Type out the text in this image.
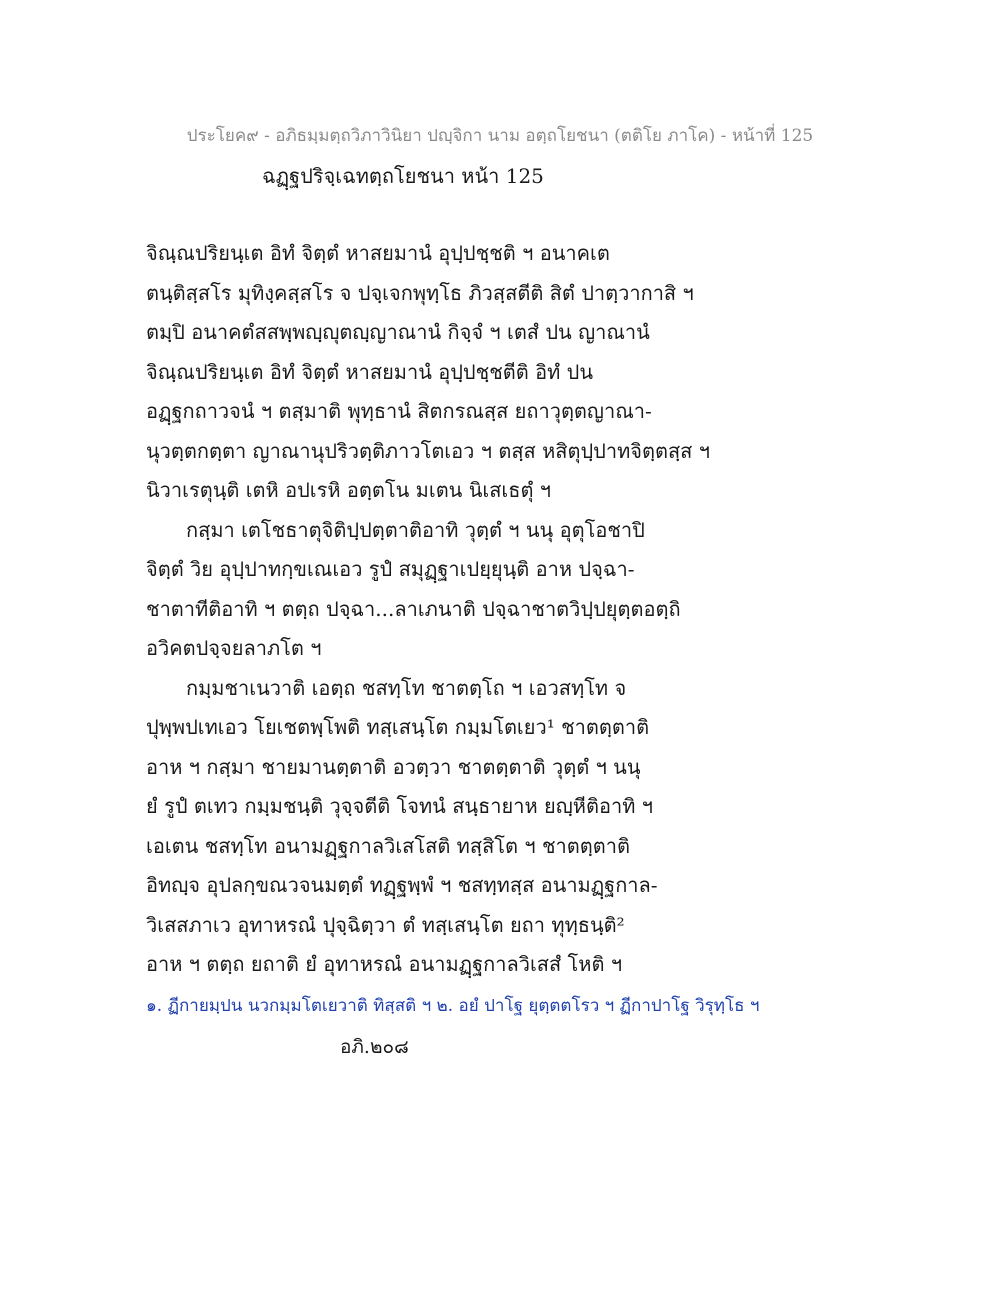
ประโยค๙ - อภิธมฺมตฺถวิภาวินิยา ปญฺจิกา นาม อตฺถโยชนา (ตติโย ภาโค) - หน้าที่ 125
ฉฏฺฐปริจฺเฉทตฺถโยชนา หน้า 125
จิณฺณปริยนฺเต อิทํ จิตฺตํ หาสยมานํ อุปฺปชฺชติ ฯ อนาคเต
ตนฺติสฺสโร มุทิงฺคสฺสโร จ ปจฺเจกพุทฺโธ ภิวสฺสตีติ สิตํ ปาตฺวากาสิ ฯ
ตมฺปิ อนาคตํสสพฺพญฺญุตญฺญาณานํ กิจฺจํ ฯ เตสํ ปน ญาณานํ
จิณฺณปริยนฺเต อิทํ จิตฺตํ หาสยมานํ อุปฺปชฺชตีติ อิทํ ปน
อฏฺฐกถาวจนํ ฯ ตสฺมาติ พุทฺธานํ สิตกรณสฺส ยถาวุตฺตญาณา-
นุวตฺตกตฺตา ญาณานุปริวตฺติภาวโตเอว ฯ ตสฺส หสิตุปฺปาทจิตฺตสฺส ฯ
นิวาเรตุนฺติ เตหิ อปเรหิ อตฺตโน มเตน นิเสเธตุํ ฯ
กสฺมา เตโชธาตุจิติปฺปตฺตาติอาทิ วุตฺตํ ฯ นนุ อุตุโอชาปิ
จิตฺตํ วิย อุปฺปาทกฺขเณเอว รูปํ สมุฏฺฐาเปยฺยุนฺติ อาห ปจฺฉา-
ชาตาทีติอาทิ ฯ ตตฺถ ปจฺฉา...ลาเภนาติ ปจฺฉาชาตวิปฺปยุตฺตอตฺถิ
อวิคตปจฺจยลาภโต ฯ
กมฺมชาเนวาติ เอตฺถ ชสทฺโท ชาตตฺโถ ฯ เอวสทฺโท จ
ปุพฺพปเทเอว โยเชตพฺโพติ ทสฺเสนฺโต กมฺมโตเยว¹ ชาตตฺตาติ
อาห ฯ กสฺมา ชายมานตฺตาติ อวตฺวา ชาตตฺตาติ วุตฺตํ ฯ นนุ
ยํ รูปํ ตเทว กมฺมชนฺติ วุจฺจตีติ โจทนํ สนฺธายาห ยญฺหีติอาทิ ฯ
เอเตน ชสทฺโท อนามฏฺฐกาลวิเสโสติ ทสฺสิโต ฯ ชาตตฺตาติ
อิทญฺจ อุปลกฺขณวจนมตฺตํ ทฏฺฐพฺพํ ฯ ชสทฺทสฺส อนามฏฺฐกาล-
วิเสสภาเว อุทาหรณํ ปุจฺฉิตฺวา ตํ ทสฺเสนฺโต ยถา ทุทฺธนฺติ²
อาห ฯ ตตฺถ ยถาติ ยํ อุทาหรณํ อนามฏฺฐกาลวิเสสํ โหติ ฯ
๑. ฏีกายมฺปน นวกมฺมโตเยวาติ ทิสฺสติ ฯ ๒. อยํ ปาโฐ ยุตฺตตโรว ฯ ฏีกาปาโฐ วิรุทฺโธ ฯ
อภิ.๒๐๘
